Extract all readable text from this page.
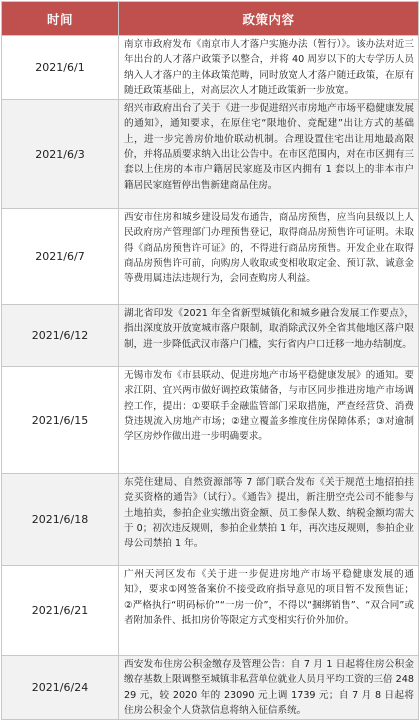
时间	政策内容
2021/6/1	南京市政府发布《南京市人才落户实施办法（暂行）》。该办法对近三年出台的人才落户政策予以整合，并将 40 周岁以下的大专学历人员纳入人才落户的主体政策范畴，同时放宽人才落户随迁政策，在原有随迁政策基础上，对高层次人才随迁政策新一步放宽。

2021/6/3	绍兴市政府出台了关于《进一步促进绍兴市房地产市场平稳健康发展的通知》，通知要求，在原住宅“限地价、竞配建”出让方式的基础上，进一步完善房价地价联动机制。合理设置住宅出让用地最高限价，并将品质要求纳入出让公告中。在市区范围内，对在市区拥有三套以上住房的本市户籍居民家庭及市区内拥有 1 套以上的非本市户籍居民家庭暂停出售新建商品住房。

2021/6/7	西安市住房和城乡建设局发布通告，商品房预售，应当向县级以上人民政府房产管理部门办理预售登记，取得商品房预售许可证明。未取得《商品房预售许可证》的，不得进行商品房预售。开发企业在取得商品房预售许可前，向购房人收取或变相收取定金、预订款、诚意金等费用属违法违规行为，会同查购房人利益。

2021/6/12	湖北省印发《2021 年全省新型城镇化和城乡融合发展工作要点》，指出深度放开放宽城市落户限制，取消除武汉外全省其他地区落户限制，进一步降低武汉市落户门槛，实行省内户口迁移一地办结制度。

2021/6/15	无锡市发布《市县联动、促进房地产市场平稳健康发展》的通知。要求江阴、宜兴两市做好调控政策储备，与市区同步推进房地产市场调控工作，提出：①要联手金融监管部门采取措施，严查经营贷、消费贷违规流入房地产市场；②建立覆盖多维度住房保障体系；③对逾制学区房炒作做出进一步明确要求。

2021/6/18	东莞住建局、自然资源部等 7 部门联合发布《关于规范土地招拍挂竞买资格的通告》（试行）。《通告》提出，新注册空壳公司不能参与土地拍卖，参拍企业实缴出资金额、员工参保人数、纳税金额均需大于 0；初次违反规则，参拍企业禁拍 1 年，再次违反规则，参拍企业母公司禁拍 1 年。

2021/6/21	广州天河区发布《关于进一步促进房地产市场平稳健康发展的通知》，要求①网签备案价不接受政府指导意见的项目暂不发预售证；②严格执行“明码标价”“一房一价”，不得以“捆绑销售”、“双合同”或者附加条件、抵扣房价等限定方式变相实行价外加价。

2021/6/24	西安发布住房公积金缴存及管理公告：自 7 月 1 日起将住房公积金缴存基数上限调整至城镇非私营单位就业人员月平均工资的三倍 24829 元，较 2020 年的 23090 元上调 1739 元；自 7 月 8 日起将住房公积金个人贷款信息将纳入征信系统。
